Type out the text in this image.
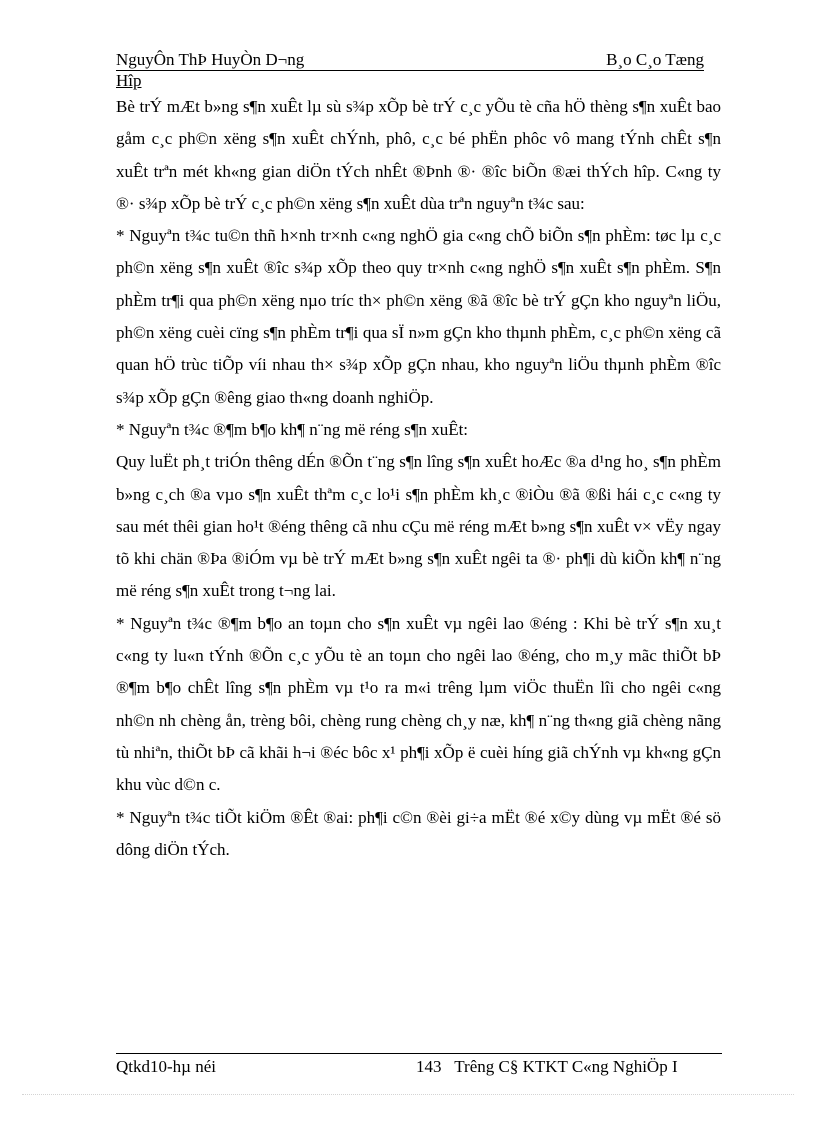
NguyÔn ThÞ HuyÒn D¬ng	B¸o C¸o Tæng
Hîp

Bè trÝ mÆt b»ng s¶n xuÊt lµ sù s¾p xÕp bè trÝ c¸c yÕu tè cña hÖ thèng s¶n xuÊt bao gåm c¸c ph©n xëng s¶n xuÊt chÝnh, phô, c¸c bé phËn phôc vô mang tÝnh chÊt s¶n xuÊt trªn mét kh«ng gian diÖn tÝch nhÊt ®Þnh ®· ®îc biÕn ®æi thÝch hîp. C«ng ty ®· s¾p xÕp bè trÝ c¸c ph©n xëng s¶n xuÊt dùa trªn nguyªn t¾c sau:

* Nguyªn t¾c tu©n thñ h×nh tr×nh c«ng nghÖ gia c«ng chÕ biÕn s¶n phÈm: tøc lµ c¸c ph©n xëng s¶n xuÊt ®îc s¾p xÕp theo quy tr×nh c«ng nghÖ s¶n xuÊt s¶n phÈm. S¶n phÈm tr¶i qua ph©n xëng nµo tríc th× ph©n xëng ®ã ®îc bè trÝ gÇn kho nguyªn liÖu, ph©n xëng cuèi cïng s¶n phÈm tr¶i qua sÏ n»m gÇn kho thµnh phÈm, c¸c ph©n xëng cã quan hÖ trùc tiÕp víi nhau th× s¾p xÕp gÇn nhau, kho nguyªn liÖu thµnh phÈm ®îc s¾p xÕp gÇn ®êng giao th«ng doanh nghiÖp.

* Nguyªn t¾c ®¶m b¶o kh¶ n¨ng më réng s¶n xuÊt:

Quy luËt ph¸t triÓn thêng dÉn ®Õn t¨ng s¶n lîng s¶n xuÊt hoÆc ®a d¹ng ho¸ s¶n phÈm b»ng c¸ch ®a vµo s¶n xuÊt thªm c¸c lo¹i s¶n phÈm kh¸c ®iÒu ®ã ®ßi hái c¸c c«ng ty sau mét thêi gian ho¹t ®éng thêng cã nhu cÇu më réng mÆt b»ng s¶n xuÊt v× vËy ngay tõ khi chän ®Þa ®iÓm vµ bè trÝ mÆt b»ng s¶n xuÊt ngêi ta ®· ph¶i dù kiÕn kh¶ n¨ng më réng s¶n xuÊt trong t¬ng lai.

* Nguyªn t¾c ®¶m b¶o an toµn cho s¶n xuÊt vµ ngêi lao ®éng : Khi bè trÝ s¶n xu¸t c«ng ty lu«n tÝnh ®Õn c¸c yÕu tè an toµn cho ngêi lao ®éng, cho m¸y mãc thiÕt bÞ ®¶m b¶o chÊt lîng s¶n phÈm vµ t¹o ra m«i trêng lµm viÖc thuËn lîi cho ngêi c«ng nh©n nh chèng ån, trèng bôi, chèng rung chèng ch¸y næ, kh¶ n¨ng th«ng giã chèng nãng tù nhiªn, thiÕt bÞ cã khãi h¬i ®éc bôc x¹ ph¶i xÕp ë cuèi híng giã chÝnh vµ kh«ng gÇn khu vùc d©n c.

* Nguyªn t¾c tiÕt kiÖm ®Êt ®ai: ph¶i c©n ®èi gi÷a mËt ®é x©y dùng vµ mËt ®é sö dông diÖn tÝch.

Qtkd10-hµ néi	143 Trêng C§ KTKT C«ng NghiÖp I
